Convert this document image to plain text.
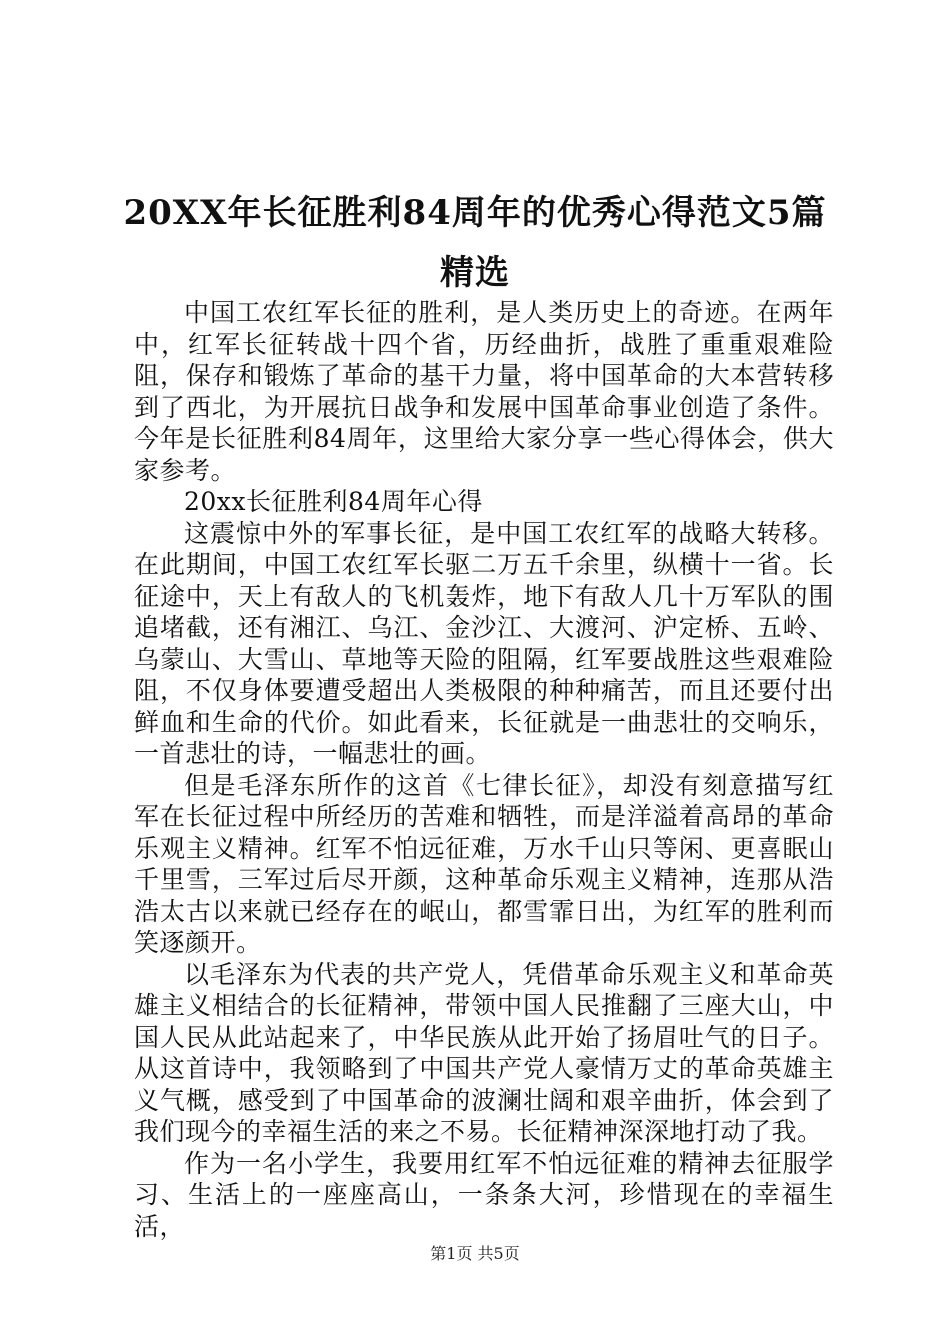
20XX年长征胜利84周年的优秀心得范文5篇精选

中国工农红军长征的胜利，是人类历史上的奇迹。在两年中，红军长征转战十四个省，历经曲折，战胜了重重艰难险阻，保存和锻炼了革命的基干力量，将中国革命的大本营转移到了西北，为开展抗日战争和发展中国革命事业创造了条件。今年是长征胜利84周年，这里给大家分享一些心得体会，供大家参考。

20xx长征胜利84周年心得

这震惊中外的军事长征，是中国工农红军的战略大转移。在此期间，中国工农红军长驱二万五千余里，纵横十一省。长征途中，天上有敌人的飞机轰炸，地下有敌人几十万军队的围追堵截，还有湘江、乌江、金沙江、大渡河、沪定桥、五岭、乌蒙山、大雪山、草地等天险的阻隔，红军要战胜这些艰难险阻，不仅身体要遭受超出人类极限的种种痛苦，而且还要付出鲜血和生命的代价。如此看来，长征就是一曲悲壮的交响乐，一首悲壮的诗，一幅悲壮的画。

但是毛泽东所作的这首《七律长征》，却没有刻意描写红军在长征过程中所经历的苦难和牺牲，而是洋溢着高昂的革命乐观主义精神。红军不怕远征难，万水千山只等闲、更喜眠山千里雪，三军过后尽开颜，这种革命乐观主义精神，连那从浩浩太古以来就已经存在的岷山，都雪霏日出，为红军的胜利而笑逐颜开。

以毛泽东为代表的共产党人，凭借革命乐观主义和革命英雄主义相结合的长征精神，带领中国人民推翻了三座大山，中国人民从此站起来了，中华民族从此开始了扬眉吐气的日子。从这首诗中，我领略到了中国共产党人豪情万丈的革命英雄主义气概，感受到了中国革命的波澜壮阔和艰辛曲折，体会到了我们现今的幸福生活的来之不易。长征精神深深地打动了我。

作为一名小学生，我要用红军不怕远征难的精神去征服学习、生活上的一座座高山，一条条大河，珍惜现在的幸福生活，

第1页 共5页
